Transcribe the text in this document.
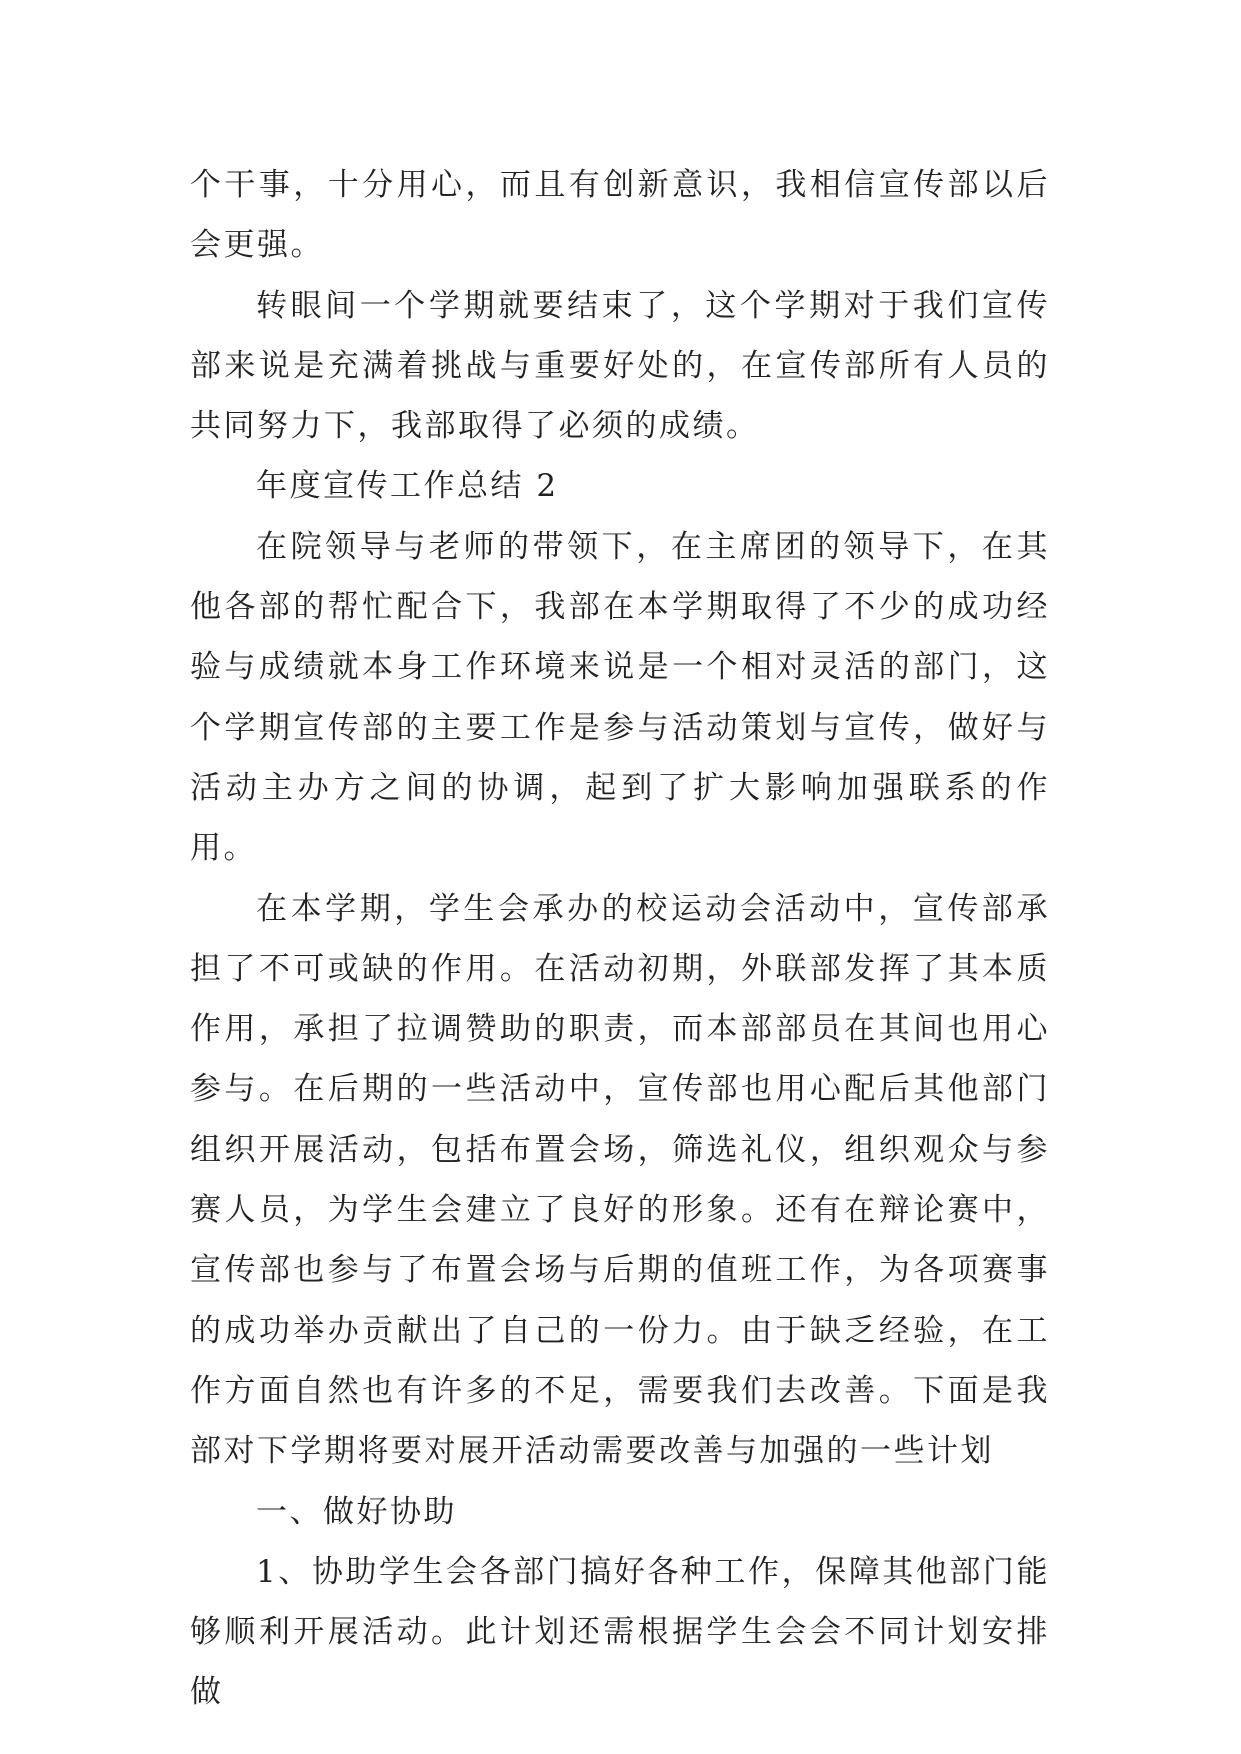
个干事，十分用心，而且有创新意识，我相信宣传部以后会更强。

转眼间一个学期就要结束了，这个学期对于我们宣传部来说是充满着挑战与重要好处的，在宣传部所有人员的共同努力下，我部取得了必须的成绩。

年度宣传工作总结 2

在院领导与老师的带领下，在主席团的领导下，在其他各部的帮忙配合下，我部在本学期取得了不少的成功经验与成绩就本身工作环境来说是一个相对灵活的部门，这个学期宣传部的主要工作是参与活动策划与宣传，做好与活动主办方之间的协调，起到了扩大影响加强联系的作用。

在本学期，学生会承办的校运动会活动中，宣传部承担了不可或缺的作用。在活动初期，外联部发挥了其本质作用，承担了拉调赞助的职责，而本部部员在其间也用心参与。在后期的一些活动中，宣传部也用心配后其他部门组织开展活动，包括布置会场，筛选礼仪，组织观众与参赛人员，为学生会建立了良好的形象。还有在辩论赛中，宣传部也参与了布置会场与后期的值班工作，为各项赛事的成功举办贡献出了自己的一份力。由于缺乏经验，在工作方面自然也有许多的不足，需要我们去改善。下面是我部对下学期将要对展开活动需要改善与加强的一些计划

一、做好协助

1、协助学生会各部门搞好各种工作，保障其他部门能够顺利开展活动。此计划还需根据学生会会不同计划安排做
